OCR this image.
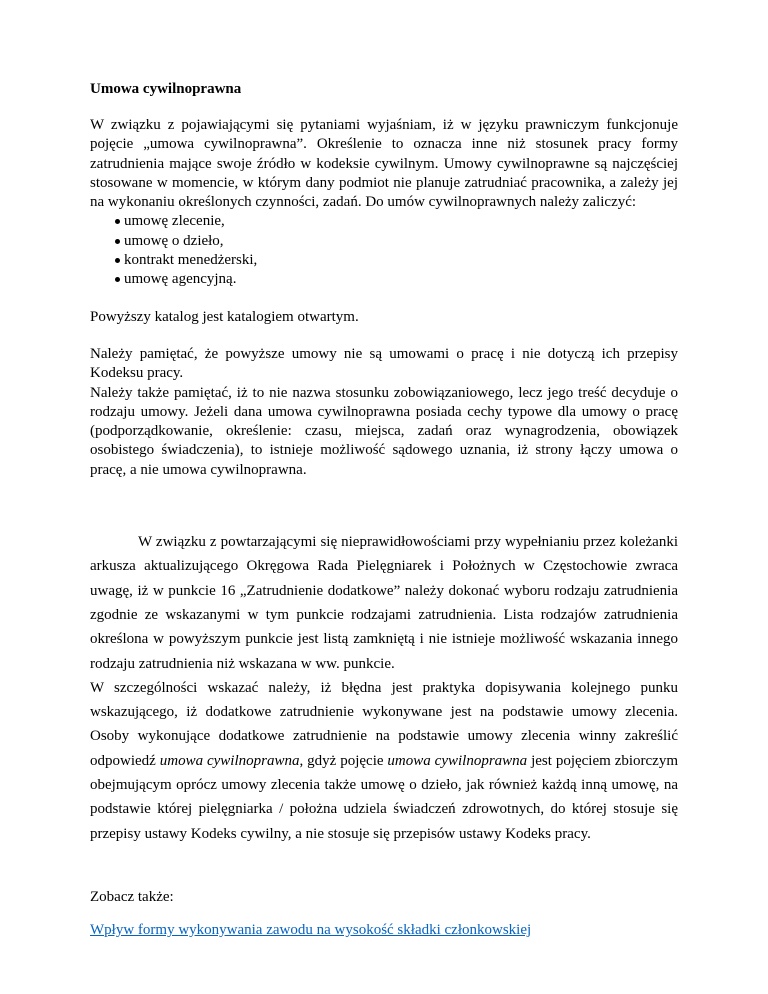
Umowa cywilnoprawna

W związku z pojawiającymi się pytaniami wyjaśniam, iż w języku prawniczym funkcjonuje pojęcie „umowa cywilnoprawna”. Określenie to oznacza inne niż stosunek pracy formy zatrudnienia mające swoje źródło w kodeksie cywilnym. Umowy cywilnoprawne są najczęściej stosowane w momencie, w którym dany podmiot nie planuje zatrudniać pracownika, a zależy jej na wykonaniu określonych czynności, zadań. Do umów cywilnoprawnych należy zaliczyć:

umowę zlecenie,
umowę o dzieło,
kontrakt menedżerski,
umowę agencyjną.

Powyższy katalog jest katalogiem otwartym.

Należy pamiętać, że powyższe umowy nie są umowami o pracę i nie dotyczą ich przepisy Kodeksu pracy.

Należy także pamiętać, iż to nie nazwa stosunku zobowiązaniowego, lecz jego treść decyduje o rodzaju umowy. Jeżeli dana umowa cywilnoprawna posiada cechy typowe dla umowy o pracę (podporządkowanie, określenie: czasu, miejsca, zadań oraz wynagrodzenia, obowiązek osobistego świadczenia), to istnieje możliwość sądowego uznania, iż strony łączy umowa o pracę, a nie umowa cywilnoprawna.

W związku z powtarzającymi się nieprawidłowościami przy wypełnianiu przez koleżanki arkusza aktualizującego Okręgowa Rada Pielęgniarek i Położnych w Częstochowie zwraca uwagę, iż w punkcie 16 „Zatrudnienie dodatkowe” należy dokonać wyboru rodzaju zatrudnienia zgodnie ze wskazanymi w tym punkcie rodzajami zatrudnienia. Lista rodzajów zatrudnienia określona w powyższym punkcie jest listą zamkniętą i nie istnieje możliwość wskazania innego rodzaju zatrudnienia niż wskazana w ww. punkcie.

W szczególności wskazać należy, iż błędna jest praktyka dopisywania kolejnego punku wskazującego, iż dodatkowe zatrudnienie wykonywane jest na podstawie umowy zlecenia. Osoby wykonujące dodatkowe zatrudnienie na podstawie umowy zlecenia winny zakreślić odpowiedź umowa cywilnoprawna, gdyż pojęcie umowa cywilnoprawna jest pojęciem zbiorczym obejmującym oprócz umowy zlecenia także umowę o dzieło, jak również każdą inną umowę, na podstawie której pielęgniarka / położna udziela świadczeń zdrowotnych, do której stosuje się przepisy ustawy Kodeks cywilny, a nie stosuje się przepisów ustawy Kodeks pracy.

Zobacz także:

Wpływ formy wykonywania zawodu na wysokość składki członkowskiej
